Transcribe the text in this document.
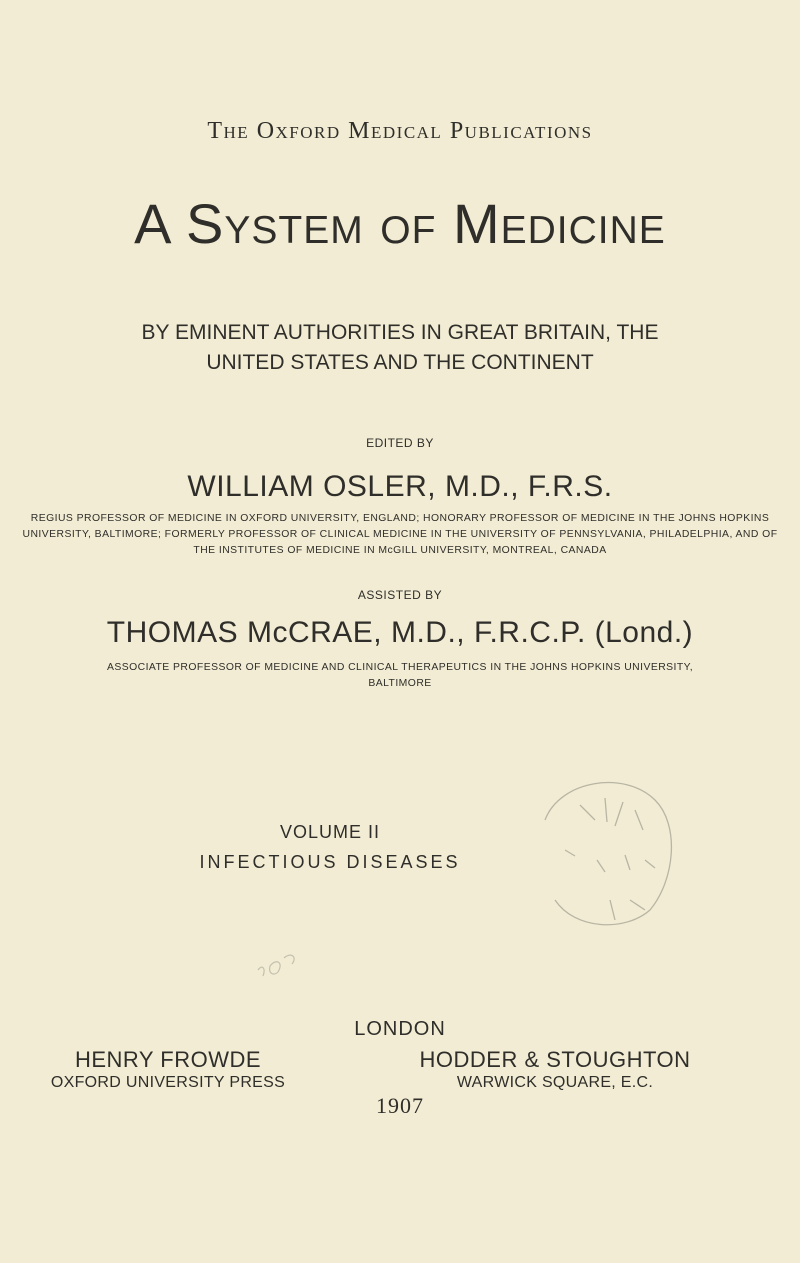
The Oxford Medical Publications
A System of Medicine
BY EMINENT AUTHORITIES IN GREAT BRITAIN, THE UNITED STATES AND THE CONTINENT
EDITED BY
WILLIAM OSLER, M.D., F.R.S.
REGIUS PROFESSOR OF MEDICINE IN OXFORD UNIVERSITY, ENGLAND; HONORARY PROFESSOR OF MEDICINE IN THE JOHNS HOPKINS UNIVERSITY, BALTIMORE; FORMERLY PROFESSOR OF CLINICAL MEDICINE IN THE UNIVERSITY OF PENNSYLVANIA, PHILADELPHIA, AND OF THE INSTITUTES OF MEDICINE IN McGILL UNIVERSITY, MONTREAL, CANADA
ASSISTED BY
THOMAS McCRAE, M.D., F.R.C.P. (Lond.)
ASSOCIATE PROFESSOR OF MEDICINE AND CLINICAL THERAPEUTICS IN THE JOHNS HOPKINS UNIVERSITY, BALTIMORE
VOLUME II
INFECTIOUS DISEASES
LONDON
HENRY FROWDE
OXFORD UNIVERSITY PRESS
HODDER & STOUGHTON
WARWICK SQUARE, E.C.
1907
